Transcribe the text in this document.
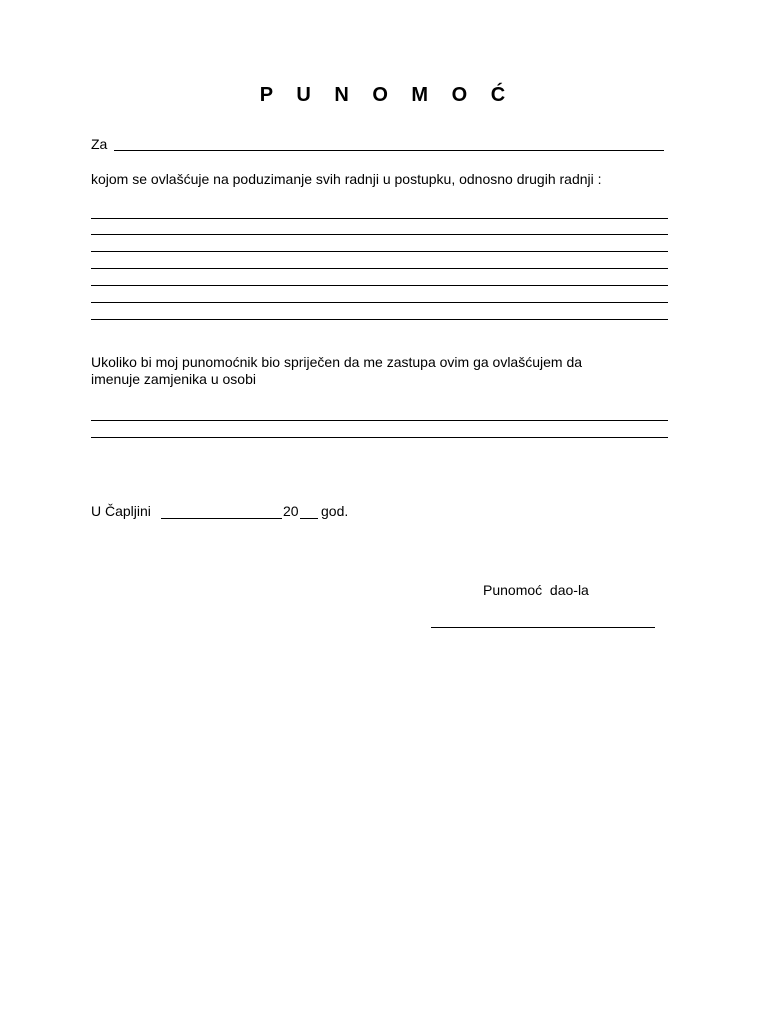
P U N O M O Ć
Za
kojom se ovlašćuje na poduzimanje svih radnji u postupku, odnosno drugih radnji :
Ukoliko bi moj punomoćnik bio spriječen da me zastupa ovim ga ovlašćujem da
imenuje zamjenika u osobi
U Čapljini	20 god.
Punomoć  dao-la
